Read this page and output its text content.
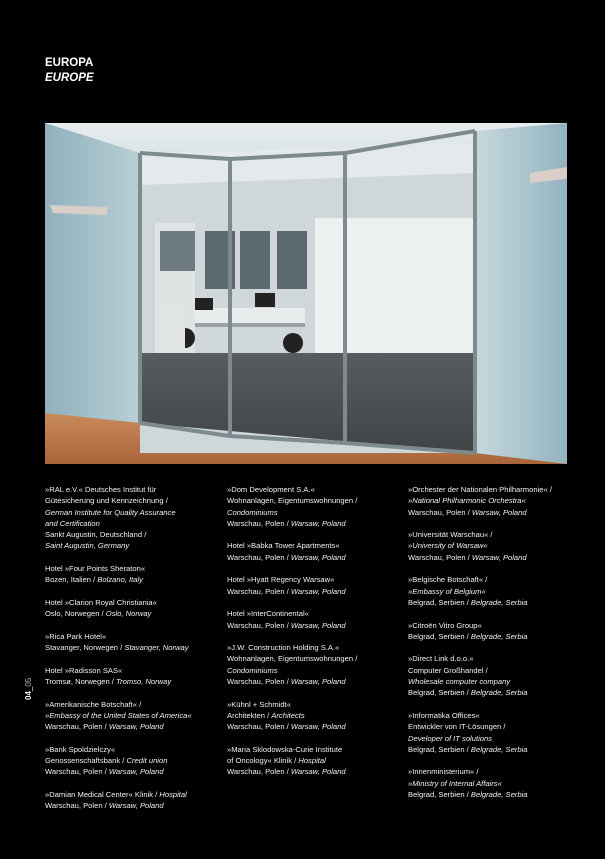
EUROPA
EUROPE
04_05
»RAL e.V.« Deutsches Institut für
Gütesicherung und Kennzeichnung /
German Institute for Quality Assurance
and Certification
Sankt Augustin, Deutschland /
Saint Augustin, Germany
Hotel »Four Points Sheraton«
Bozen, Italien / Bolzano, Italy
Hotel »Clarion Royal Christiania«
Oslo, Norwegen / Oslo, Norway
»Rica Park Hotel«
Stavanger, Norwegen / Stavanger, Norway
Hotel »Radisson SAS«
Tromsø, Norwegen / Tromso, Norway
»Amerikanische Botschaft« /
»Embassy of the United States of America«
Warschau, Polen / Warsaw, Poland
»Bank Spoldzielczy«
Genossenschaftsbank / Credit union
Warschau, Polen / Warsaw, Poland
»Damian Medical Center« Klinik / Hospital
Warschau, Polen / Warsaw, Poland
»Dom Development S.A.«
Wohnanlagen, Eigentumswohnungen /
Condominiums
Warschau, Polen / Warsaw, Poland
Hotel »Babka Tower Apartments«
Warschau, Polen / Warsaw, Poland
Hotel »Hyatt Regency Warsaw«
Warschau, Polen / Warsaw, Poland
Hotel »InterContinental«
Warschau, Polen / Warsaw, Poland
»J.W. Construction Holding S.A.«
Wohnanlagen, Eigentumswohnungen /
Condominiums
Warschau, Polen / Warsaw, Poland
»Kühnl + Schmidt«
Architekten / Architects
Warschau, Polen / Warsaw, Poland
»Maria Sklodowska-Curie Institute
of Oncology« Klinik / Hospital
Warschau, Polen / Warsaw, Poland
»Orchester der Nationalen Philharmonie« /
»National Philharmonic Orchestra«
Warschau, Polen / Warsaw, Poland
»Universität Warschau« /
»University of Warsaw«
Warschau, Polen / Warsaw, Poland
»Belgische Botschaft« /
»Embassy of Belgium«
Belgrad, Serbien / Belgrade, Serbia
»Citroën Vitro Group«
Belgrad, Serbien / Belgrade, Serbia
»Direct Link d.o.o.«
Computer Großhandel /
Wholesale computer company
Belgrad, Serbien / Belgrade, Serbia
»Informatika Offices«
Entwickler von IT-Lösungen /
Developer of IT solutions
Belgrad, Serbien / Belgrade, Serbia
»Innenministerium« /
»Ministry of Internal Affairs«
Belgrad, Serbien / Belgrade, Serbia
